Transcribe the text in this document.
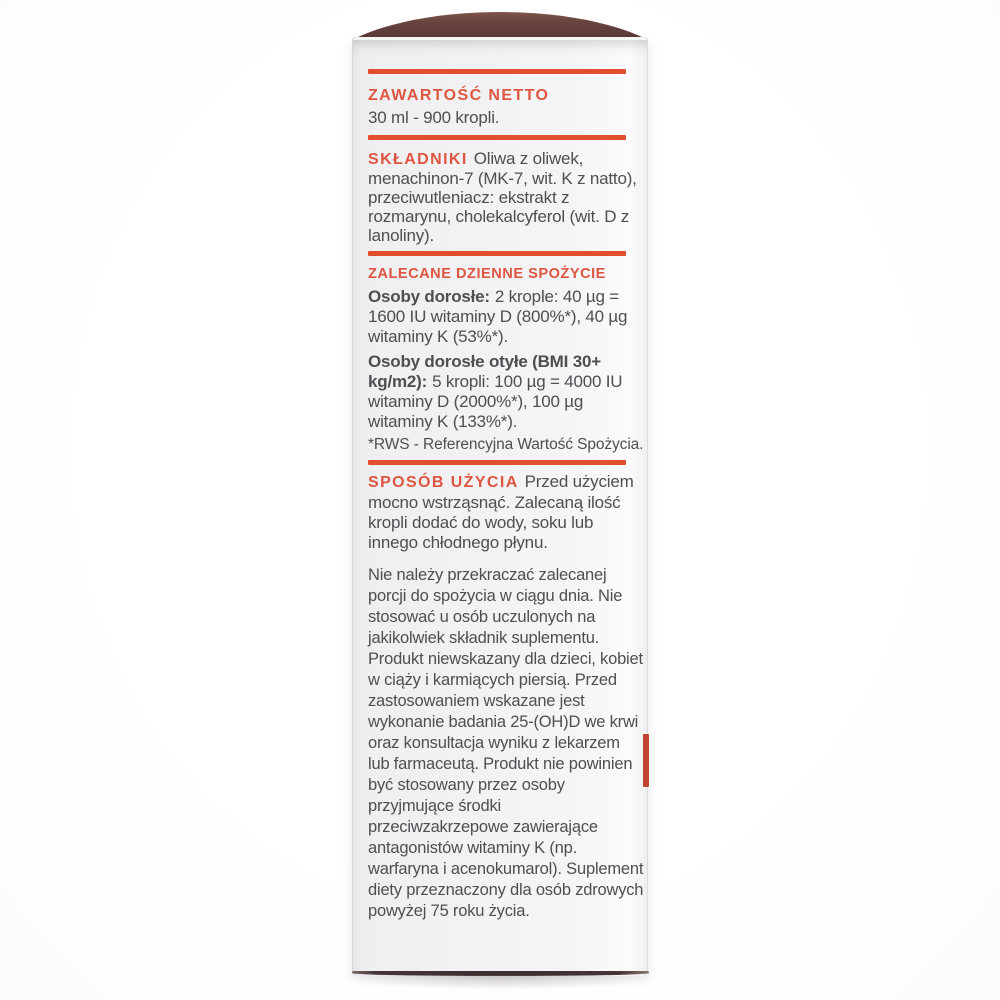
ZAWARTOŚĆ NETTO

30 ml - 900 kropli.

SKŁADNIKI Oliwa z oliwek, menachinon-7 (MK-7, wit. K z natto), przeciwutleniacz: ekstrakt z rozmarynu, cholekalcyferol (wit. D z lanoliny).

ZALECANE DZIENNE SPOŻYCIE

Osoby dorosłe: 2 krople: 40 µg = 1600 IU witaminy D (800%*), 40 µg witaminy K (53%*).

Osoby dorosłe otyłe (BMI 30+ kg/m2): 5 kropli: 100 µg = 4000 IU witaminy D (2000%*), 100 µg witaminy K (133%*).

*RWS - Referencyjna Wartość Spożycia.

SPOSÓB UŻYCIA Przed użyciem mocno wstrząsnąć. Zalecaną ilość kropli dodać do wody, soku lub innego chłodnego płynu.

Nie należy przekraczać zalecanej porcji do spożycia w ciągu dnia. Nie stosować u osób uczulonych na jakikolwiek składnik suplementu. Produkt niewskazany dla dzieci, kobiet w ciąży i karmiących piersią. Przed zastosowaniem wskazane jest wykonanie badania 25-(OH)D we krwi oraz konsultacja wyniku z lekarzem lub farmaceutą. Produkt nie powinien być stosowany przez osoby przyjmujące środki przeciwzakrzepowe zawierające antagonistów witaminy K (np. warfaryna i acenokumarol). Suplement diety przeznaczony dla osób zdrowych powyżej 75 roku życia.
